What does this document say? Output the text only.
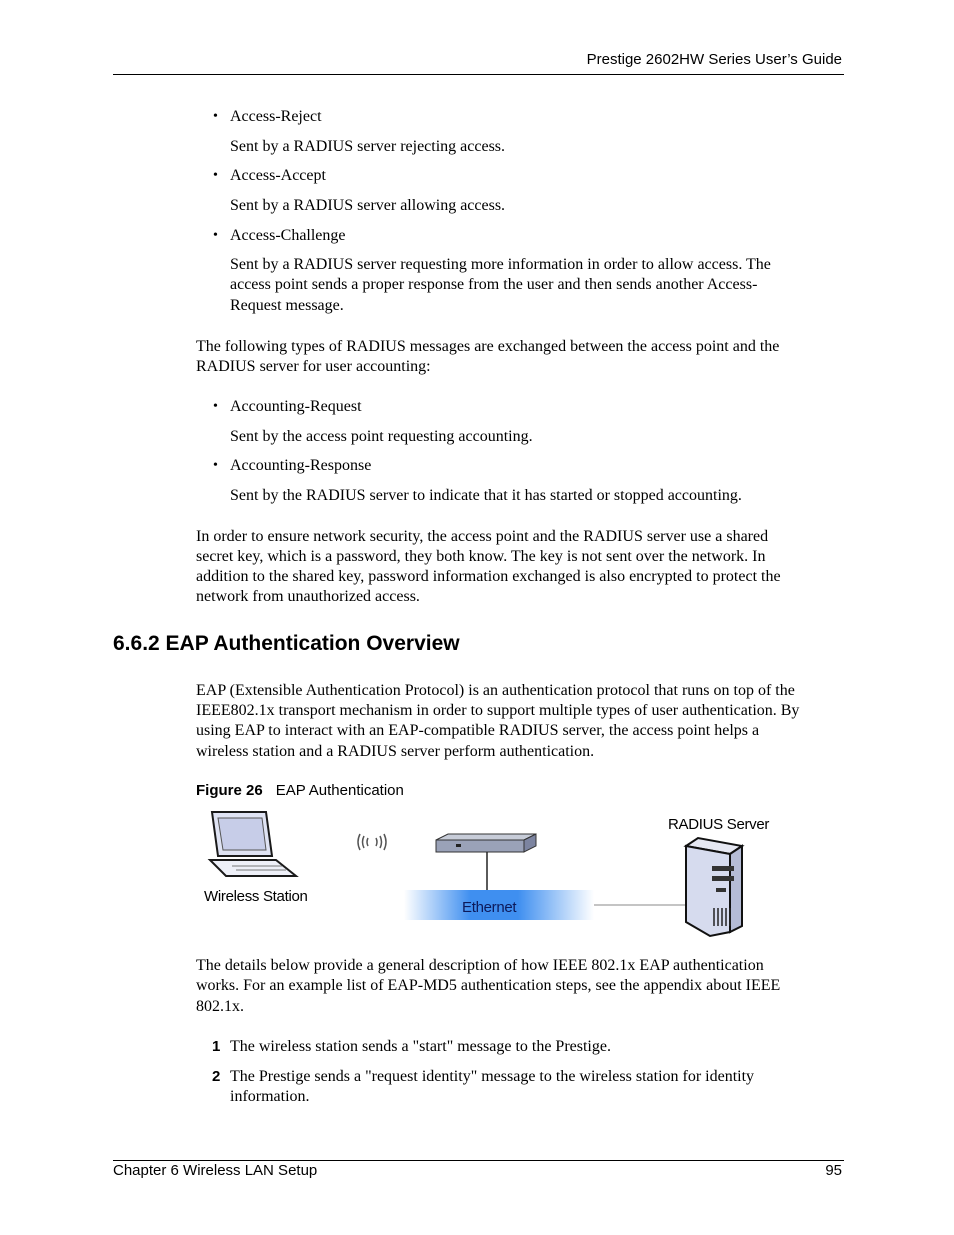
Prestige 2602HW Series User’s Guide
• Access-Reject
Sent by a RADIUS server rejecting access.
• Access-Accept
Sent by a RADIUS server allowing access.
• Access-Challenge
Sent by a RADIUS server requesting more information in order to allow access. The
access point sends a proper response from the user and then sends another Access-
Request message.
The following types of RADIUS messages are exchanged between the access point and the
RADIUS server for user accounting:
• Accounting-Request
Sent by the access point requesting accounting.
• Accounting-Response
Sent by the RADIUS server to indicate that it has started or stopped accounting.
In order to ensure network security, the access point and the RADIUS server use a shared
secret key, which is a password, they both know. The key is not sent over the network. In
addition to the shared key, password information exchanged is also encrypted to protect the
network from unauthorized access.
6.6.2 EAP Authentication Overview
EAP (Extensible Authentication Protocol) is an authentication protocol that runs on top of the
IEEE802.1x transport mechanism in order to support multiple types of user authentication. By
using EAP to interact with an EAP-compatible RADIUS server, the access point helps a
wireless station and a RADIUS server perform authentication.
Figure 26 EAP Authentication
Wireless Station
Ethernet
RADIUS Server
The details below provide a general description of how IEEE 802.1x EAP authentication
works. For an example list of EAP-MD5 authentication steps, see the appendix about IEEE
802.1x.
1 The wireless station sends a "start" message to the Prestige.
2 The Prestige sends a "request identity" message to the wireless station for identity
information.
Chapter 6 Wireless LAN Setup	95
